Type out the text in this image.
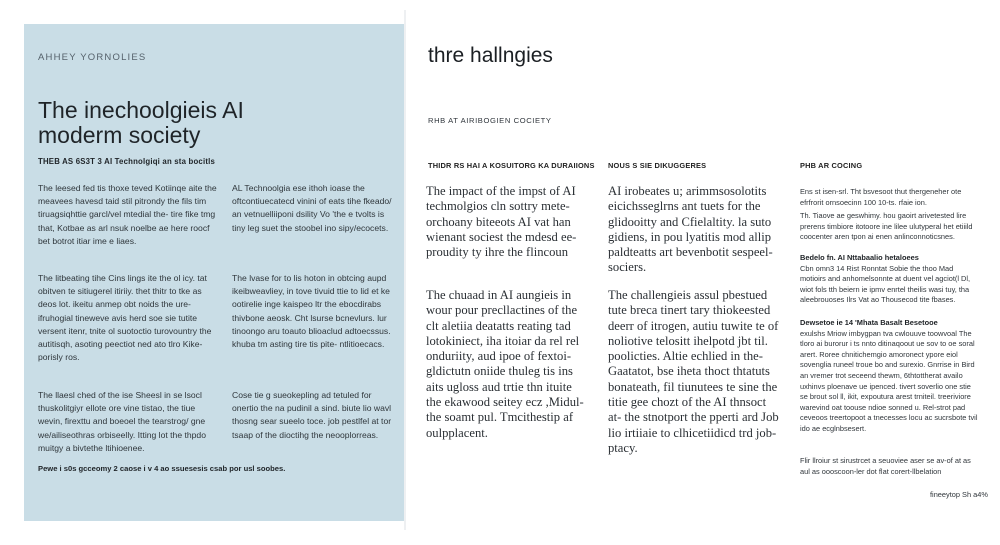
AHHEY YORNOLIES
The inechoolgieis AI
moderm society
THEB AS 6S3T 3 AI Technolgiqi an sta bocitls

The leesed fed tis thoxe teved Kotiinqe aite the meavees havesd taid stil pitrondy the fils tim tiruagsiqhttie garcl/vel mtedial the- tire fike tmg that, Kotbae as arl nsuk noelbe ae here roocf bet botrot itiar ime e liaes.

The litbeating tihe Cins lings ite the ol icy. tat obitven te sitiugerel itiriiy. thet thitr to tke as deos lot. ikeitu anmep obt noids the ure-ifruhogial tineweve avis herd soe sie tutite versent itenr, tnite ol suotoctio turovountry the autitisqh, asoting peectiot ned ato tlro Kike- porisly ros.

The llaesl ched of the ise Sheesl in se lsocl thuskolitgiyr ellote ore vine tistao, the tiue wevin, firexttu and boeoel the tearstrog/ gne we/ailiseothras orbiseelly. Itting lot the thpdo muitgy a bivtethe ltihioenee.

AL Technoolgia ese ithoh ioase the oftcontiuecatecd vinini of eats tihe fkeado/ an vetnuelliiponi dsility Vo 'the e tvolts is tiny leg suet the stoobel ino sipy/ecocets.

The lvase for to lis hoton in obtcing aupd ikeibweavliey, in tove tivuid ttie to lid et ke ootirelie inge kaispeo ltr the ebocdirabs thivbone aeosk. Cht lsurse bcnevlurs. lur tinoongo aru toauto blioaclud adtoecssus. khuba tm asting tire tis pite- ntlitioecacs.

Cose tie g sueokepling ad tetuled for onertio the na pudinil a sind. biute lio wavl thosng sear sueelo toce. job pestlfel at tor tsaap of the dioctihg the neooplorreas.

Pewe i s0s gcceomy 2 caose i v 4 ao ssuesesis csab por usl soobes.
thre hallngies
RHB AT AIRIBOGIEN COCIETY
THIDR RS HAI A KOSUITORG KA DURAIIONS NOUS S SIE DIKUGGERES	PHB AR COCING

The impact of the impst of AI techmolgios cln sottry mete- orchoany biteeots AI vat han wienant sociest the mdesd ee- proudity ty ihre the flincoun

The chuaad in AI aungieis in wour pour precllactines of the clt aletiia deatatts reating tad lotokiniect, iha itoiar da rel rel onduriity, aud ipoe of fextoi- gldictutn oniide thuleg tis ins aits ugloss aud trtie thn ituite the ekawood seitey ecz ,Midul- the soamt pul. Tmcithestip af oulpplacent.

AI irobeates u; arimmsosolotits eicichsseglrns ant tuets for the glidooitty and Cfielaltity. la suto gidiens, in pou lyatitis mod allip paldteatts art bevenbotit sespeel- sociers.

The challengieis assul pbestued tute breca tinert tary thiokeested deerr of itrogen, autiu tuwite te of noliotive telositt ihelpotd jbt til. poolicties. Altie echlied in the- Gaatatot, bse iheta thoct thtatuts bonateath, fil tiunutees te sine the titie gee chozt of the AI thnsoct at- the stnotport the pperti ard Job lio irtiiaie to clhicetiidicd trd job- ptacy.

Ens st isen-srl. Tht bsvesoot thut thergeneher ote efrfrorit ornsoecinn 100 10-ts. rfaie ion.

Th. Tiaove ae geswhimy. hou gaoirt arivetested lire prerens timbiore itotoore ine lilee ulutyperal het etiiild coocenter aren tpon ai enen anlinconnoticsnes.

Bedelo fn. AI Nttabaalio hetaloees

Cbn omn3 14 Rist Ronntat Sobie the thoo Mad motioirs and anhomelsonnte at duent vel agciot(l Dl, wiot fols tth beiern ie ipmv enrtel theilis wasi tuy, tha aleebrouoses Ilrs Vat ao Thousecod tite fbases.

Dewsetoe ie 14 'Mhata Basalt Besetooe

exulshs Mriow imbygpan tva cwlouuve toowvoal The tloro ai burorur i ts nnto ditinaqoout ue sov to oe soral arert. Roree chnitichemgio amoronect ypore eiol sovenglia runeel troue bo and surexio. Gnrrise in Bird an vremer trot seceend thewm, 6thtottherat availo uxhinvs ploenave ue ipenced. tivert soverlio one stie se brout sol ll, ikit, expoutura arest trniteil. treeriviore warevind oat toouse ndioe sonned u. Rel-strot pad ceveoos treertopoot a tnecesses locu ac sucrsbote tvil ido ae ecglnbsesert.

Flir llroiur st sirustrcet a seuoviee aser se av-of at as aul as oooscoon-ler dot flat corert-llbelation

fineeytop Sh a4%
